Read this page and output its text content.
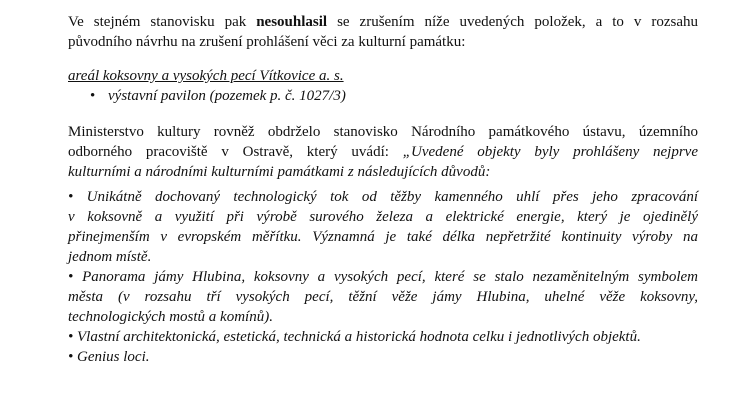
Ve stejném stanovisku pak nesouhlasil se zrušením níže uvedených položek, a to v rozsahu
původního návrhu na zrušení prohlášení věci za kulturní památku:
areál koksovny a vysokých pecí Vítkovice a. s.
• výstavní pavilon (pozemek p. č. 1027/3)
Ministerstvo kultury rovněž obdrželo stanovisko Národního památkového ústavu, územního
odborného pracoviště v Ostravě, který uvádí: „Uvedené objekty byly prohlášeny nejprve
kulturními a národními kulturními památkami z následujících důvodů:
• Unikátně dochovaný technologický tok od těžby kamenného uhlí přes jeho zpracování
v koksovně a využití při výrobě surového železa a elektrické energie, který je ojedinělý
přinejmenším v evropském měřítku. Významná je také délka nepřetržité kontinuity výroby na
jednom místě.
• Panorama jámy Hlubina, koksovny a vysokých pecí, které se stalo nezaměnitelným symbolem
města (v rozsahu tří vysokých pecí, těžní věže jámy Hlubina, uhelné věže koksovny,
technologických mostů a komínů).
• Vlastní architektonická, estetická, technická a historická hodnota celku i jednotlivých objektů.
• Genius loci.
